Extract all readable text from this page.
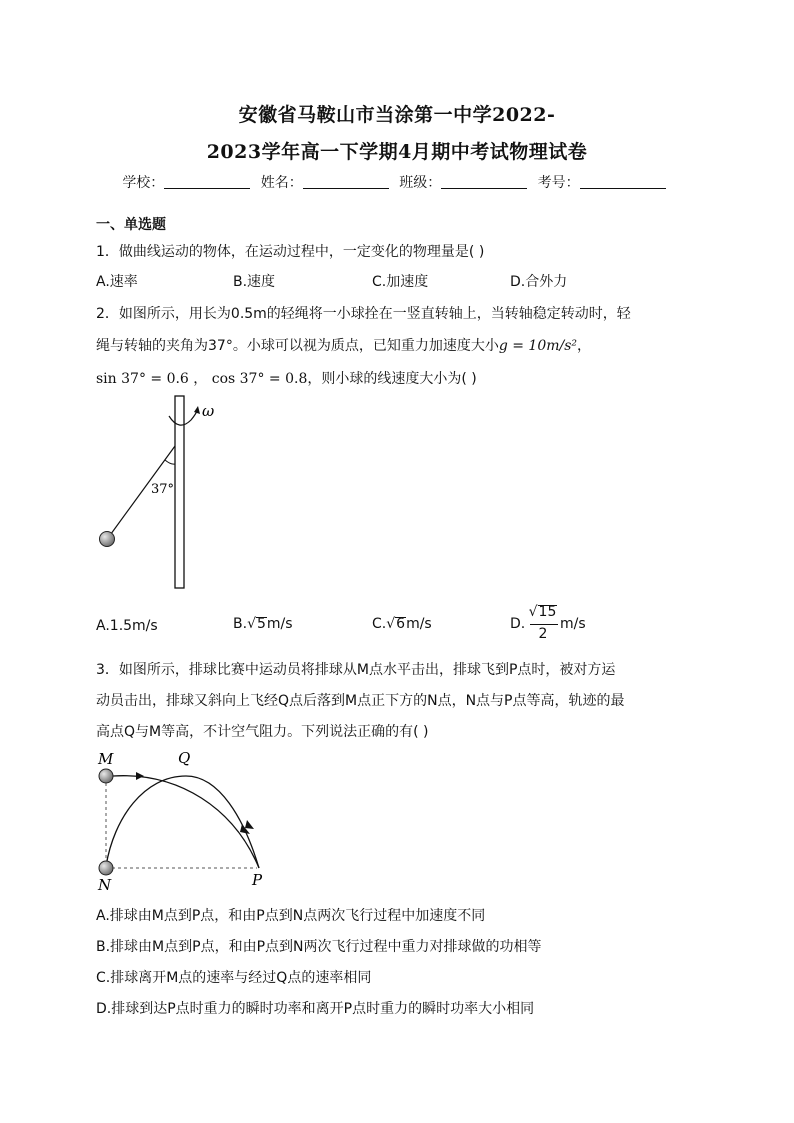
安徽省马鞍山市当涂第一中学2022-
2023学年高一下学期4月期中考试物理试卷
学校：	姓名：	班级：	考号：
一、单选题
1．做曲线运动的物体，在运动过程中，一定变化的物理量是( )
A.速率	B.速度	C.加速度	D.合外力
2．如图所示，用长为0.5m的轻绳将一小球拴在一竖直转轴上，当转轴稳定转动时，轻
绳与转轴的夹角为37°。小球可以视为质点，已知重力加速度大小g = 10m/s²，
sin 37° = 0.6 ， cos 37° = 0.8，则小球的线速度大小为( )
ω
37°
A.1.5m/s	B.√5m/s	C.√6m/s	D.
√15
2
m/s
3．如图所示，排球比赛中运动员将排球从M点水平击出，排球飞到P点时，被对方运
动员击出，排球又斜向上飞经Q点后落到M点正下方的N点，N点与P点等高，轨迹的最
高点Q与M等高，不计空气阻力。下列说法正确的有( )
M	Q
N	P
A.排球由M点到P点，和由P点到N点两次飞行过程中加速度不同
B.排球由M点到P点，和由P点到N两次飞行过程中重力对排球做的功相等
C.排球离开M点的速率与经过Q点的速率相同
D.排球到达P点时重力的瞬时功率和离开P点时重力的瞬时功率大小相同
